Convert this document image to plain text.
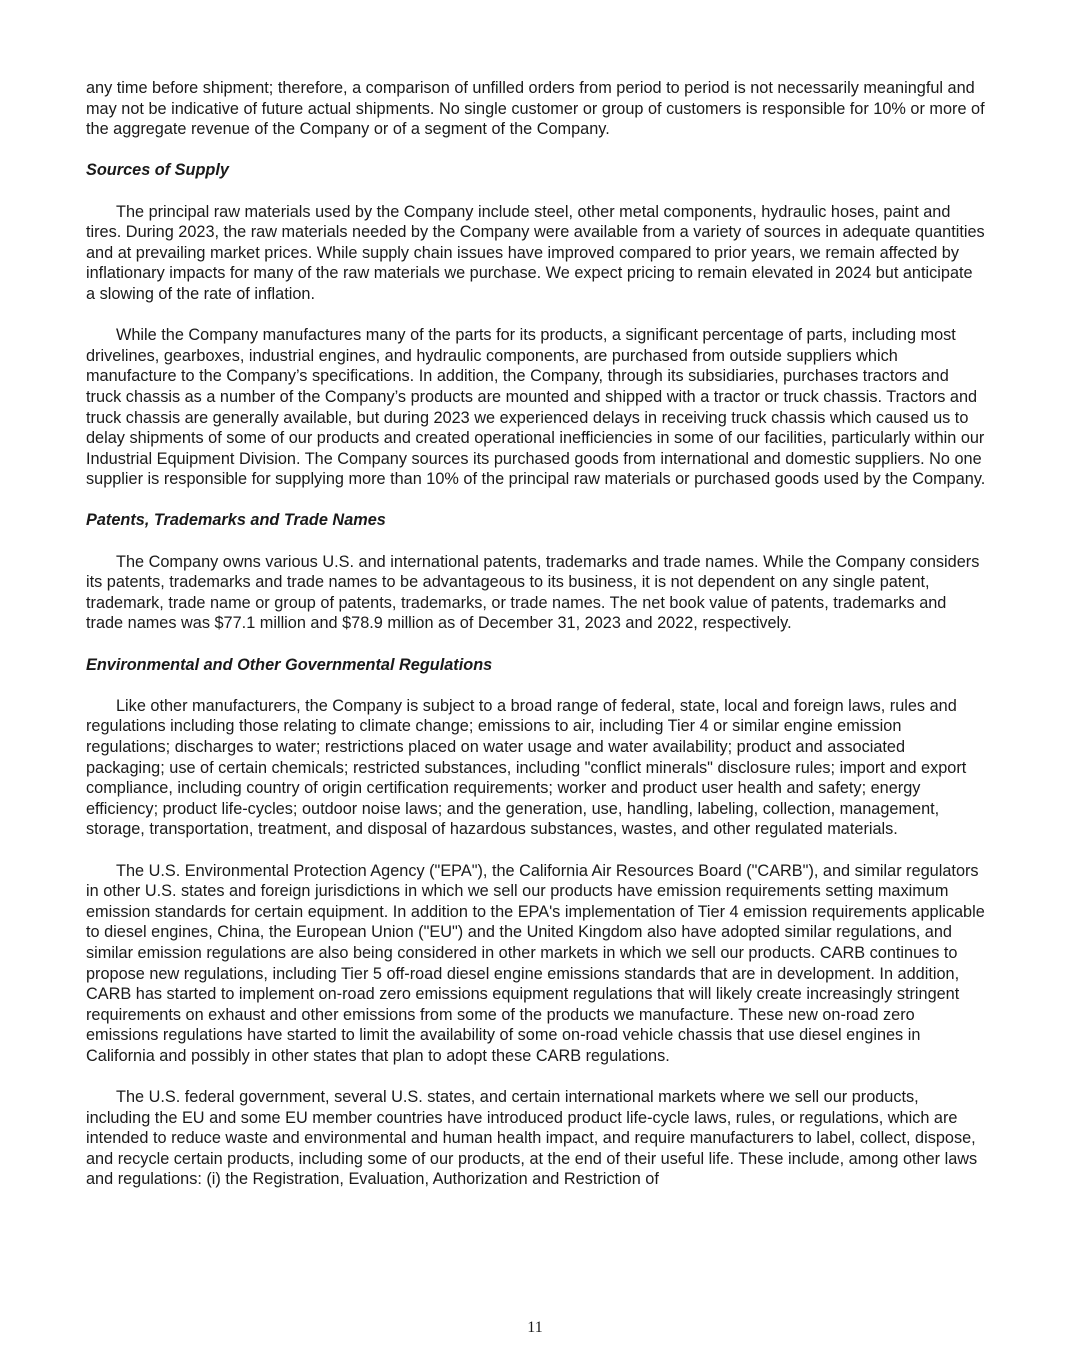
any time before shipment; therefore, a comparison of unfilled orders from period to period is not necessarily meaningful and may not be indicative of future actual shipments. No single customer or group of customers is responsible for 10% or more of the aggregate revenue of the Company or of a segment of the Company.

Sources of Supply

The principal raw materials used by the Company include steel, other metal components, hydraulic hoses, paint and tires. During 2023, the raw materials needed by the Company were available from a variety of sources in adequate quantities and at prevailing market prices. While supply chain issues have improved compared to prior years, we remain affected by inflationary impacts for many of the raw materials we purchase. We expect pricing to remain elevated in 2024 but anticipate a slowing of the rate of inflation.

While the Company manufactures many of the parts for its products, a significant percentage of parts, including most drivelines, gearboxes, industrial engines, and hydraulic components, are purchased from outside suppliers which manufacture to the Company’s specifications. In addition, the Company, through its subsidiaries, purchases tractors and truck chassis as a number of the Company’s products are mounted and shipped with a tractor or truck chassis. Tractors and truck chassis are generally available, but during 2023 we experienced delays in receiving truck chassis which caused us to delay shipments of some of our products and created operational inefficiencies in some of our facilities, particularly within our Industrial Equipment Division. The Company sources its purchased goods from international and domestic suppliers. No one supplier is responsible for supplying more than 10% of the principal raw materials or purchased goods used by the Company.

Patents, Trademarks and Trade Names

The Company owns various U.S. and international patents, trademarks and trade names. While the Company considers its patents, trademarks and trade names to be advantageous to its business, it is not dependent on any single patent, trademark, trade name or group of patents, trademarks, or trade names. The net book value of patents, trademarks and trade names was $77.1 million and $78.9 million as of December 31, 2023 and 2022, respectively.

Environmental and Other Governmental Regulations

Like other manufacturers, the Company is subject to a broad range of federal, state, local and foreign laws, rules and regulations including those relating to climate change; emissions to air, including Tier 4 or similar engine emission regulations; discharges to water; restrictions placed on water usage and water availability; product and associated packaging; use of certain chemicals; restricted substances, including "conflict minerals" disclosure rules; import and export compliance, including country of origin certification requirements; worker and product user health and safety; energy efficiency; product life-cycles; outdoor noise laws; and the generation, use, handling, labeling, collection, management, storage, transportation, treatment, and disposal of hazardous substances, wastes, and other regulated materials.

The U.S. Environmental Protection Agency ("EPA"), the California Air Resources Board ("CARB"), and similar regulators in other U.S. states and foreign jurisdictions in which we sell our products have emission requirements setting maximum emission standards for certain equipment. In addition to the EPA's implementation of Tier 4 emission requirements applicable to diesel engines, China, the European Union ("EU") and the United Kingdom also have adopted similar regulations, and similar emission regulations are also being considered in other markets in which we sell our products. CARB continues to propose new regulations, including Tier 5 off-road diesel engine emissions standards that are in development. In addition, CARB has started to implement on-road zero emissions equipment regulations that will likely create increasingly stringent requirements on exhaust and other emissions from some of the products we manufacture. These new on-road zero emissions regulations have started to limit the availability of some on-road vehicle chassis that use diesel engines in California and possibly in other states that plan to adopt these CARB regulations.

The U.S. federal government, several U.S. states, and certain international markets where we sell our products, including the EU and some EU member countries have introduced product life-cycle laws, rules, or regulations, which are intended to reduce waste and environmental and human health impact, and require manufacturers to label, collect, dispose, and recycle certain products, including some of our products, at the end of their useful life. These include, among other laws and regulations: (i) the Registration, Evaluation, Authorization and Restriction of

11
